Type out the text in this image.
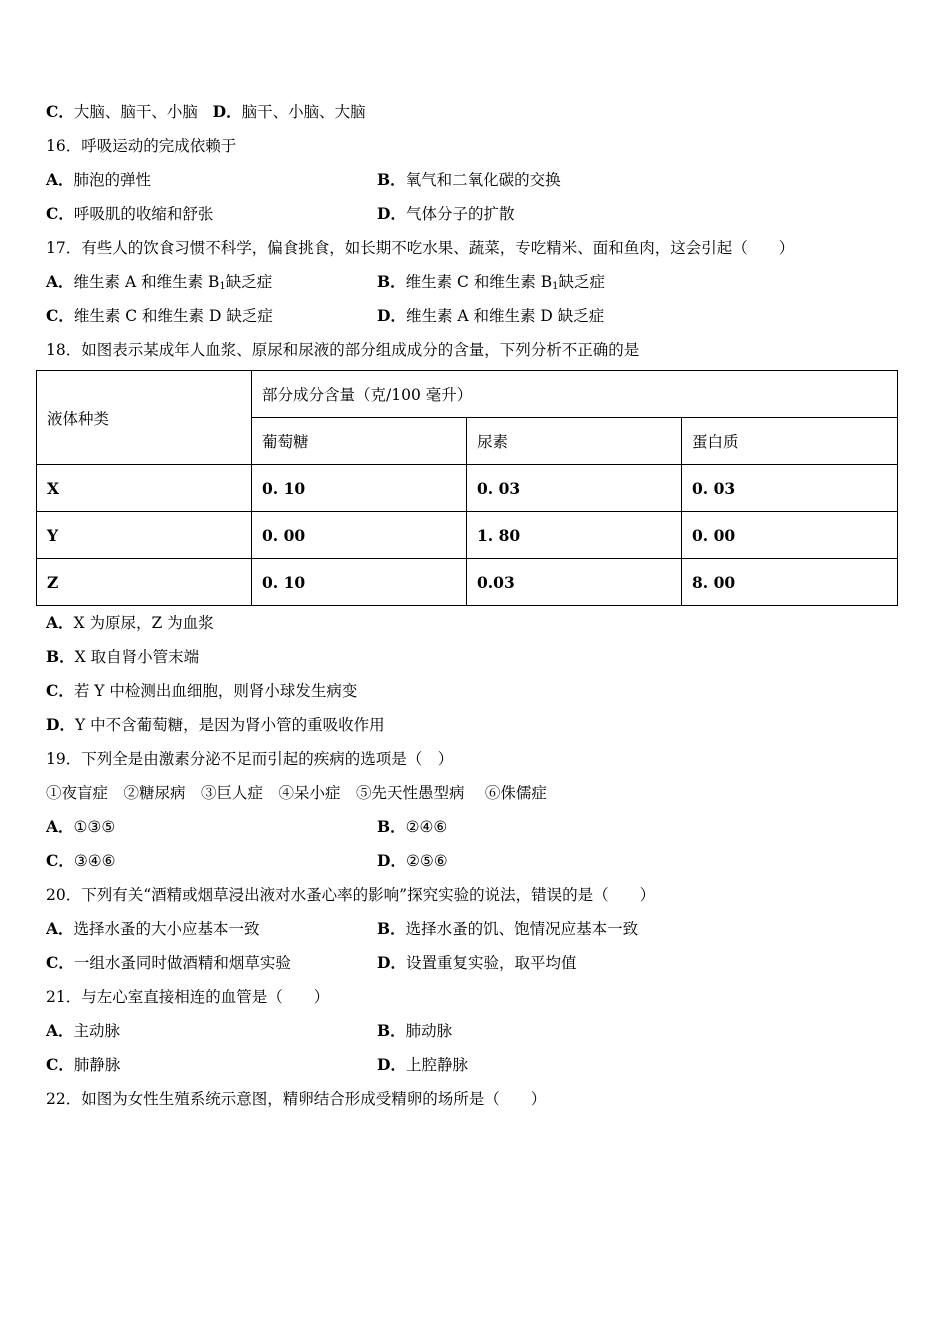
C．大脑、脑干、小脑 D．脑干、小脑、大脑
16．呼吸运动的完成依赖于
A．肺泡的弹性	B．氧气和二氧化碳的交换
C．呼吸肌的收缩和舒张	D．气体分子的扩散
17．有些人的饮食习惯不科学，偏食挑食，如长期不吃水果、蔬菜，专吃精米、面和鱼肉，这会引起（　　）
A．维生素 A 和维生素 $B_1$缺乏症	B．维生素 C 和维生素 $B_1$缺乏症
C．维生素 C 和维生素 D 缺乏症	D．维生素 A 和维生素 D 缺乏症
18．如图表示某成年人血浆、原尿和尿液的部分组成成分的含量，下列分析不正确的是
液体种类	部分成分含量（克/100 毫升）		
	葡萄糖	尿素	蛋白质
X	0. 10	0. 03	0. 03
Y	0. 00	1. 80	0. 00
Z	0. 10	0.03	8. 00
A．X 为原尿，Z 为血浆
B．X 取自肾小管末端
C．若 Y 中检测出血细胞，则肾小球发生病变
D．Y 中不含葡萄糖，是因为肾小管的重吸收作用
19．下列全是由激素分泌不足而引起的疾病的选项是（　）
①夜盲症　②糖尿病　③巨人症　④呆小症　⑤先天性愚型病　 ⑥侏儒症
A．①③⑤	B．②④⑥
C．③④⑥	D．②⑤⑥
20．下列有关“酒精或烟草浸出液对水蚤心率的影响”探究实验的说法，错误的是（　　）
A．选择水蚤的大小应基本一致	B．选择水蚤的饥、饱情况应基本一致
C．一组水蚤同时做酒精和烟草实验	D．设置重复实验，取平均值
21．与左心室直接相连的血管是（　　）
A．主动脉	B．肺动脉
C．肺静脉	D．上腔静脉
22．如图为女性生殖系统示意图，精卵结合形成受精卵的场所是（　　）
